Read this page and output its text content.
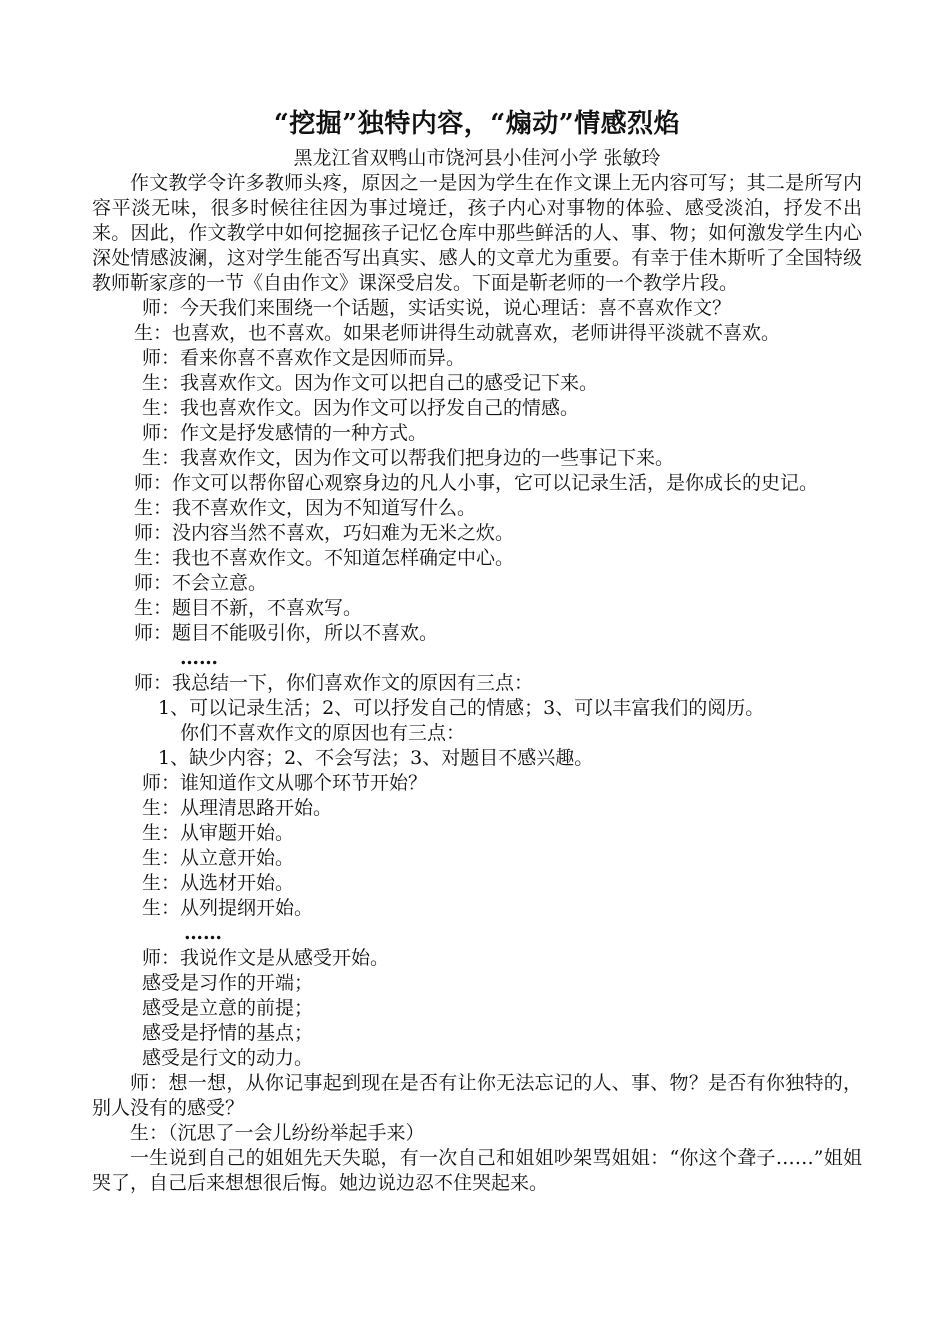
“挖掘”独特内容，“煽动”情感烈焰

黑龙江省双鸭山市饶河县小佳河小学 张敏玲

作文教学令许多教师头疼，原因之一是因为学生在作文课上无内容可写；其二是所写内容平淡无味，很多时候往往因为事过境迁，孩子内心对事物的体验、感受淡泊，抒发不出来。因此，作文教学中如何挖掘孩子记忆仓库中那些鲜活的人、事、物；如何激发学生内心深处情感波澜，这对学生能否写出真实、感人的文章尤为重要。有幸于佳木斯听了全国特级教师靳家彦的一节《自由作文》课深受启发。下面是靳老师的一个教学片段。

师：今天我们来围绕一个话题，实话实说，说心理话：喜不喜欢作文？

生：也喜欢，也不喜欢。如果老师讲得生动就喜欢，老师讲得平淡就不喜欢。

师：看来你喜不喜欢作文是因师而异。

生：我喜欢作文。因为作文可以把自己的感受记下来。

生：我也喜欢作文。因为作文可以抒发自己的情感。

师：作文是抒发感情的一种方式。

生：我喜欢作文，因为作文可以帮我们把身边的一些事记下来。

师：作文可以帮你留心观察身边的凡人小事，它可以记录生活，是你成长的史记。

生：我不喜欢作文，因为不知道写什么。

师：没内容当然不喜欢，巧妇难为无米之炊。

生：我也不喜欢作文。不知道怎样确定中心。

师：不会立意。

生：题目不新，不喜欢写。

师：题目不能吸引你，所以不喜欢。

……

师：我总结一下，你们喜欢作文的原因有三点：

1、可以记录生活；2、可以抒发自己的情感；3、可以丰富我们的阅历。

你们不喜欢作文的原因也有三点：

1、缺少内容；2、不会写法；3、对题目不感兴趣。

师：谁知道作文从哪个环节开始？

生：从理清思路开始。

生：从审题开始。

生：从立意开始。

生：从选材开始。

生：从列提纲开始。

……

师：我说作文是从感受开始。

感受是习作的开端；

感受是立意的前提；

感受是抒情的基点；

感受是行文的动力。

师：想一想，从你记事起到现在是否有让你无法忘记的人、事、物？是否有你独特的，别人没有的感受？

生：（沉思了一会儿纷纷举起手来）

一生说到自己的姐姐先天失聪，有一次自己和姐姐吵架骂姐姐：“你这个聋子……”姐姐哭了，自己后来想想很后悔。她边说边忍不住哭起来。
